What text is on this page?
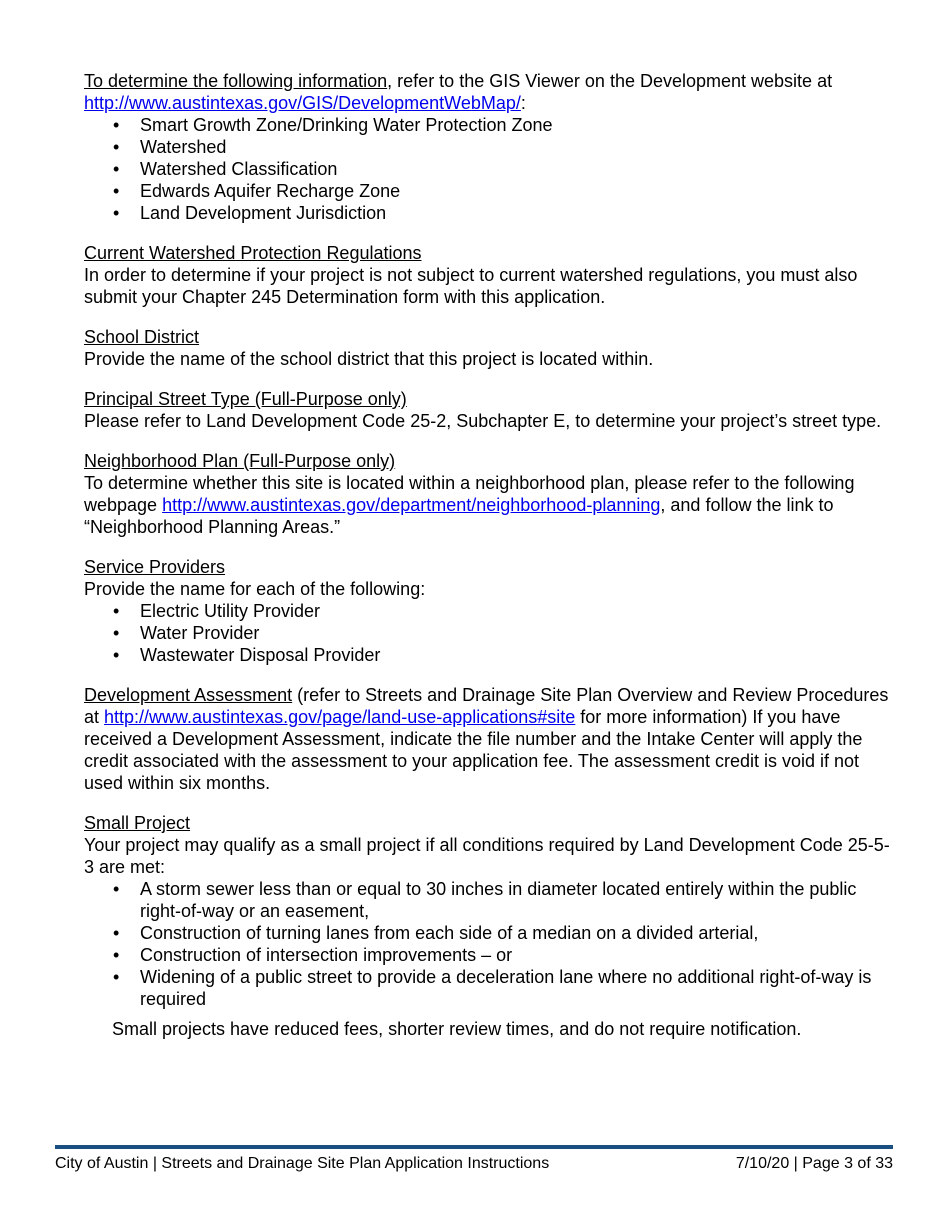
To determine the following information, refer to the GIS Viewer on the Development website at
http://www.austintexas.gov/GIS/DevelopmentWebMap/:
• Smart Growth Zone/Drinking Water Protection Zone
• Watershed
• Watershed Classification
• Edwards Aquifer Recharge Zone
• Land Development Jurisdiction
Current Watershed Protection Regulations
In order to determine if your project is not subject to current watershed regulations, you must also submit your Chapter 245 Determination form with this application.
School District
Provide the name of the school district that this project is located within.
Principal Street Type (Full-Purpose only)
Please refer to Land Development Code 25-2, Subchapter E, to determine your project’s street type.
Neighborhood Plan (Full-Purpose only)
To determine whether this site is located within a neighborhood plan, please refer to the following webpage http://www.austintexas.gov/department/neighborhood-planning, and follow the link to “Neighborhood Planning Areas.”
Service Providers
Provide the name for each of the following:
• Electric Utility Provider
• Water Provider
• Wastewater Disposal Provider
Development Assessment (refer to Streets and Drainage Site Plan Overview and Review Procedures at http://www.austintexas.gov/page/land-use-applications#site for more information) If you have received a Development Assessment, indicate the file number and the Intake Center will apply the credit associated with the assessment to your application fee. The assessment credit is void if not used within six months.
Small Project
Your project may qualify as a small project if all conditions required by Land Development Code 25-5-3 are met:
• A storm sewer less than or equal to 30 inches in diameter located entirely within the public right-of-way or an easement,
• Construction of turning lanes from each side of a median on a divided arterial,
• Construction of intersection improvements – or
• Widening of a public street to provide a deceleration lane where no additional right-of-way is required
Small projects have reduced fees, shorter review times, and do not require notification.
City of Austin | Streets and Drainage Site Plan Application Instructions	7/10/20 | Page 3 of 33
